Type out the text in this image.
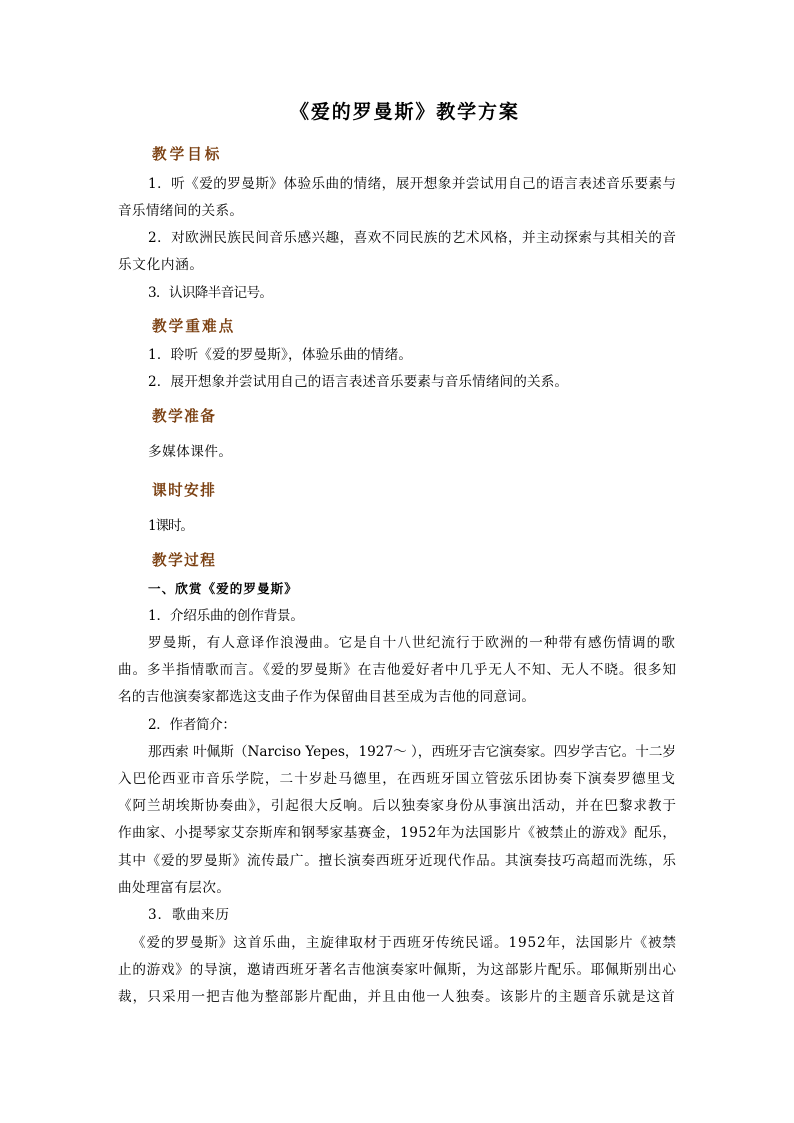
《爱的罗曼斯》教学方案
教学目标
1．听《爱的罗曼斯》体验乐曲的情绪，展开想象并尝试用自己的语言表述音乐要素与
音乐情绪间的关系。
2．对欧洲民族民间音乐感兴趣，喜欢不同民族的艺术风格，并主动探索与其相关的音
乐文化内涵。
3．认识降半音记号。
教学重难点
1．聆听《爱的罗曼斯》，体验乐曲的情绪。
2．展开想象并尝试用自己的语言表述音乐要素与音乐情绪间的关系。
教学准备
多媒体课件。
课时安排
1课时。
教学过程
一、欣赏《爱的罗曼斯》
1．介绍乐曲的创作背景。
罗曼斯，有人意译作浪漫曲。它是自十八世纪流行于欧洲的一种带有感伤情调的歌
曲。多半指情歌而言。《爱的罗曼斯》在吉他爱好者中几乎无人不知、无人不晓。很多知
名的吉他演奏家都选这支曲子作为保留曲目甚至成为吉他的同意词。
2．作者简介：
那西索 叶佩斯（Narciso Yepes，1927～ ），西班牙吉它演奏家。四岁学吉它。十二岁
入巴伦西亚市音乐学院，二十岁赴马德里，在西班牙国立管弦乐团协奏下演奏罗德里戈
《阿兰胡埃斯协奏曲》，引起很大反响。后以独奏家身份从事演出活动，并在巴黎求教于
作曲家、小提琴家艾奈斯库和钢琴家基赛金，1952年为法国影片《被禁止的游戏》配乐，
其中《爱的罗曼斯》流传最广。擅长演奏西班牙近现代作品。其演奏技巧高超而洗练，乐
曲处理富有层次。
3．歌曲来历
《爱的罗曼斯》这首乐曲，主旋律取材于西班牙传统民谣。1952年，法国影片《被禁
止的游戏》的导演，邀请西班牙著名吉他演奏家叶佩斯，为这部影片配乐。耶佩斯别出心
裁，只采用一把吉他为整部影片配曲，并且由他一人独奏。该影片的主题音乐就是这首
